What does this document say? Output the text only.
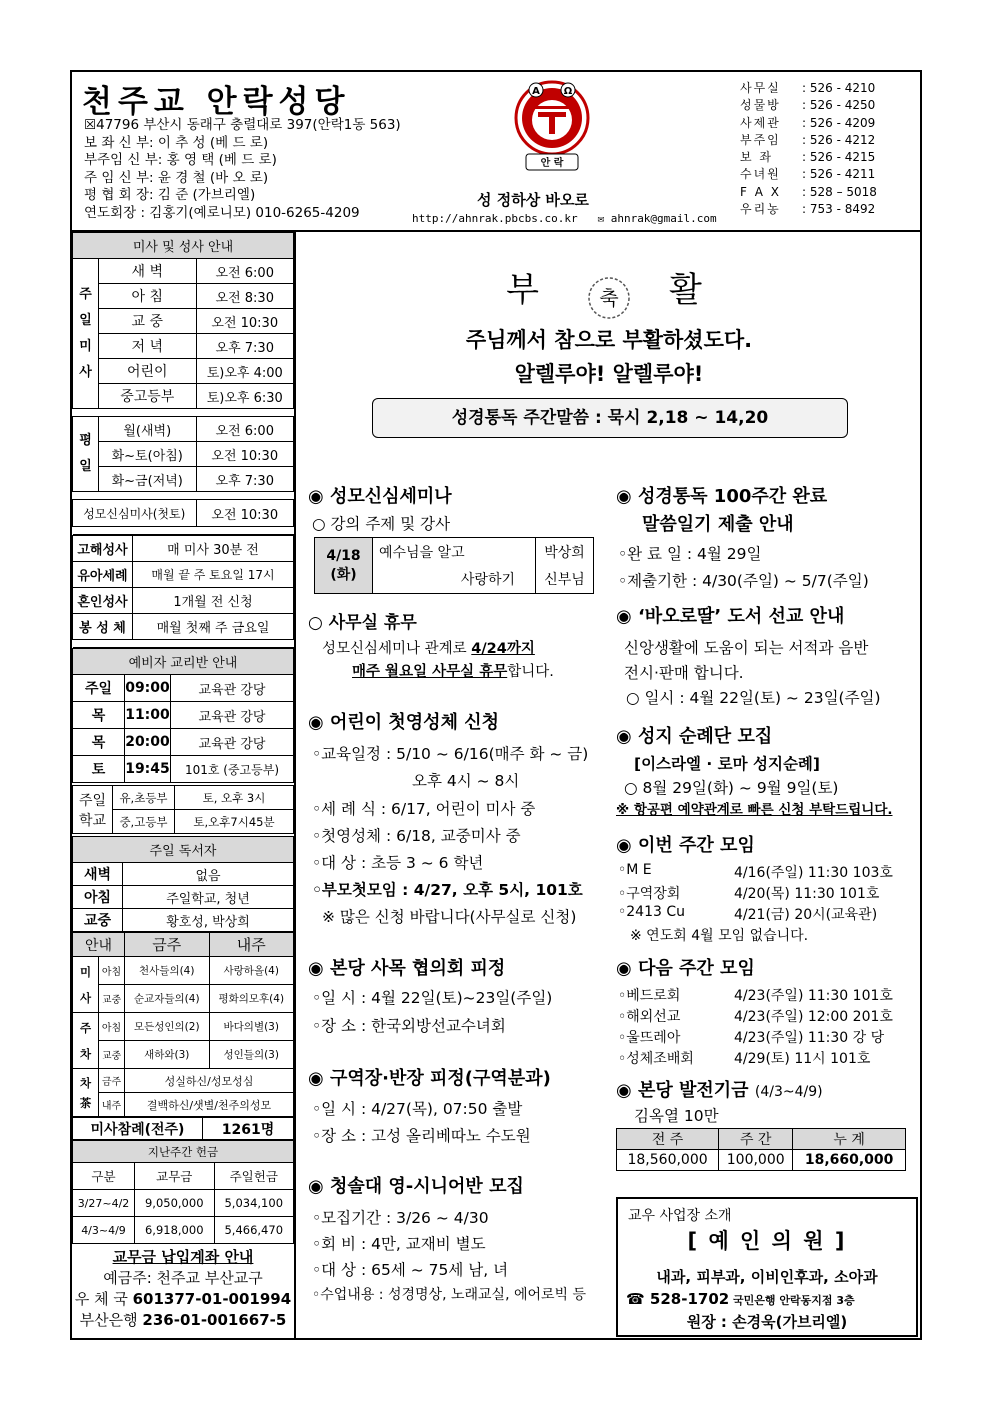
천주교 안락성당
☒47796 부산시 동래구 충렬대로 397(안락1동 563)
보 좌 신 부: 이 추 성 (베 드 로)
부주임 신 부: 홍 영 택 (베 드 로)
주 임 신 부: 윤 경 철 (바 오 로)
평 협 회 장: 김 준 (가브리엘)
연도회장 : 김홍기(예로니모) 010-6265-4209
A Ω
안 락
성 정하상 바오로
http://ahnrak.pbcbs.co.kr ✉ ahnrak@gmail.com
사무실	: 526 - 4210
성물방	: 526 - 4250
사제관	: 526 - 4209
부주임	: 526 - 4212
보 좌	: 526 - 4215
수녀원	: 526 - 4211
F A X	: 528 – 5018
우리농	: 753 - 8492
미사 및 성사 안내		
주
일
미
사	새 벽	오전 6:00
	아 침	오전 8:30
	교 중	오전 10:30
	저 녁	오후 7:30
	어린이	토)오후 4:00
	중고등부	토)오후 6:30

평
일	월(새벽)	오전 6:00
	화~토(아침)	오전 10:30
	화~금(저녁)	오후 7:30

성모신심미사(첫토)		오전 10:30

고해성사	매 미사 30분 전
유아세례	매월 끝 주 토요일 17시
혼인성사	1개월 전 신청
봉 성 체	매월 첫째 주 금요일

예비자 교리반 안내		
주일	09:00	교육관 강당
목	11:00	교육관 강당
목	20:00	교육관 강당
토	19:45	101호 (중고등부)
주일
학교	유,초등부	토, 오후 3시
	중,고등부	토,오후7시45분
주일 독서자	
새벽	없음
아침	주일학교, 청년
교중	황호성, 박상희
안내		금주	내주
미
사	아침	천사들의(4)	사랑하올(4)
	교중	순교자들의(4)	평화의모후(4)
주
차	아침	모든성인의(2)	바다의별(3)
	교중	새하와(3)	성인들의(3)
차
茶	금주	성실하신/성모성심	
	내주	결백하신/샛별/천주의성모	
미사참례(전주)	1261명
지난주간 헌금		
구분	교무금	주일헌금
3/27~4/2	9,050,000	5,034,100
4/3~4/9	6,918,000	5,466,470
교무금 납입계좌 안내
예금주: 천주교 부산교구
우 체 국 601377-01-001994
부산은행 236-01-001667-5
부 축 활
주님께서 참으로 부활하셨도다.
알렐루야! 알렐루야!
성경통독 주간말씀 : 묵시 2,18 ~ 14,20
◉ 성모신심세미나
○ 강의 주제 및 강사
4/18
(화)	예수님을 알고	박상희
	사랑하기	신부님
○ 사무실 휴무
성모신심세미나 관계로 4/24까지
매주 월요일 사무실 휴무합니다.
◉ 어린이 첫영성체 신청
◦교육일정 : 5/10 ~ 6/16(매주 화 ~ 금)
오후 4시 ~ 8시
◦세 례 식 : 6/17, 어린이 미사 중
◦첫영성체 : 6/18, 교중미사 중
◦대 상 : 초등 3 ~ 6 학년
◦부모첫모임 : 4/27, 오후 5시, 101호
※ 많은 신청 바랍니다(사무실로 신청)
◉ 본당 사목 협의회 피정
◦일 시 : 4월 22일(토)~23일(주일)
◦장 소 : 한국외방선교수녀회
◉ 구역장·반장 피정(구역분과)
◦일 시 : 4/27(목), 07:50 출발
◦장 소 : 고성 올리베따노 수도원
◉ 청솔대 영-시니어반 모집
◦모집기간 : 3/26 ~ 4/30
◦회 비 : 4만, 교재비 별도
◦대 상 : 65세 ~ 75세 남, 녀
◦수업내용 : 성경명상, 노래교실, 에어로빅 등
◉ 성경통독 100주간 완료
말씀일기 제출 안내
◦완 료 일 : 4월 29일
◦제출기한 : 4/30(주일) ~ 5/7(주일)
◉ ‘바오로딸’ 도서 선교 안내
신앙생활에 도움이 되는 서적과 음반
전시·판매 합니다.
○ 일시 : 4월 22일(토) ~ 23일(주일)
◉ 성지 순례단 모집
[이스라엘 · 로마 성지순례]
○ 8월 29일(화) ~ 9월 9일(토)
※ 항공편 예약관계로 빠른 신청 부탁드립니다.
◉ 이번 주간 모임
◦M E	4/16(주일) 11:30 103호
◦구역장회	4/20(목) 11:30 101호
◦2413 Cu	4/21(금) 20시(교육관)
※ 연도회 4월 모임 없습니다.
◉ 다음 주간 모임
◦베드로회	4/23(주일) 11:30 101호
◦해외선교	4/23(주일) 12:00 201호
◦울뜨레아	4/23(주일) 11:30 강 당
◦성체조배회	4/29(토) 11시 101호
◉ 본당 발전기금 (4/3~4/9)
김옥열 10만
전 주	주 간	누 계
18,560,000	100,000	18,660,000
교우 사업장 소개
[ 예 인 의 원 ]
내과, 피부과, 이비인후과, 소아과
☎ 528-1702 국민은행 안락동지점 3층
원장 : 손경욱(가브리엘)
